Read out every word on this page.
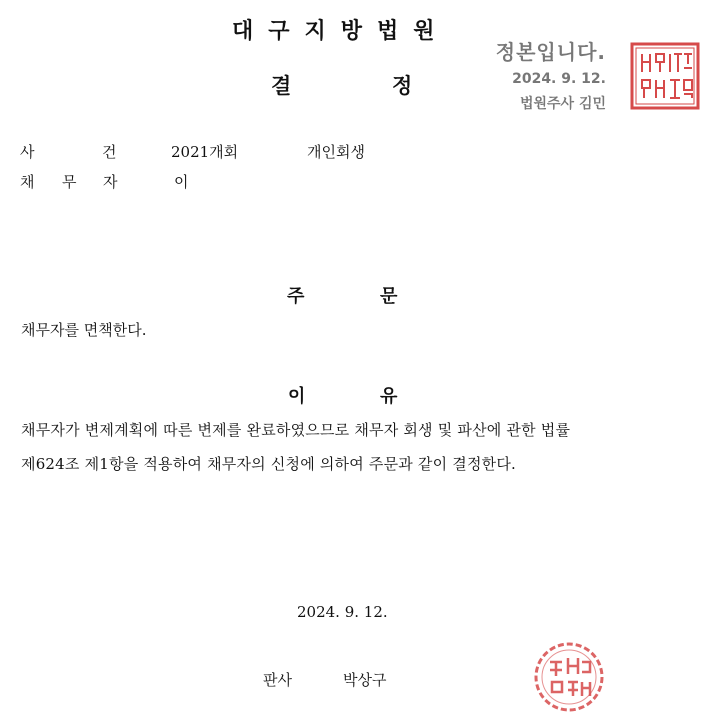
대구지방법원
결	정
정본입니다.
2024. 9. 12.
법원주사 김민
사	건	2021개회	개인회생
채 무 자	이
주	문
채무자를 면책한다.
이	유
채무자가 변제계획에 따른 변제를 완료하였으므로 채무자 회생 및 파산에 관한 법률
제624조 제1항을 적용하여 채무자의 신청에 의하여 주문과 같이 결정한다.
2024. 9. 12.
판사	박상구
